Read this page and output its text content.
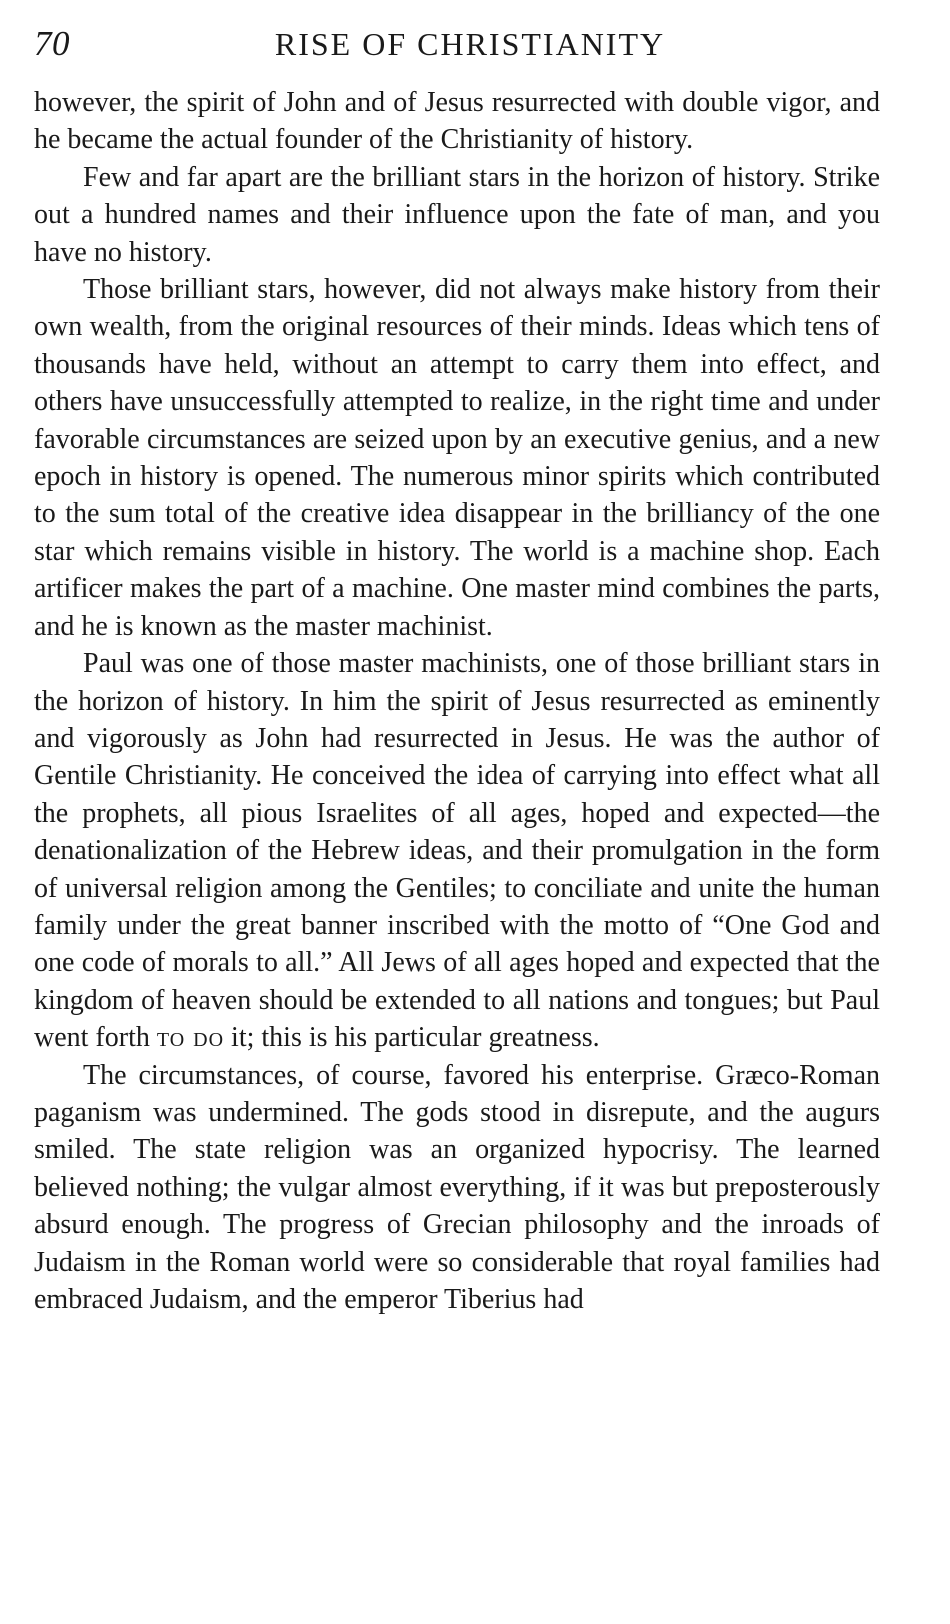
70	RISE OF CHRISTIANITY

however, the spirit of John and of Jesus resurrected with double vigor, and he became the actual founder of the Christianity of history.

Few and far apart are the brilliant stars in the horizon of history. Strike out a hundred names and their influence upon the fate of man, and you have no history.

Those brilliant stars, however, did not always make history from their own wealth, from the original resources of their minds. Ideas which tens of thousands have held, without an attempt to carry them into effect, and others have unsuccessfully attempted to realize, in the right time and under favorable circumstances are seized upon by an executive genius, and a new epoch in history is opened. The numerous minor spirits which contributed to the sum total of the creative idea disappear in the brilliancy of the one star which remains visible in history. The world is a machine shop. Each artificer makes the part of a machine. One master mind combines the parts, and he is known as the master machinist.

Paul was one of those master machinists, one of those brilliant stars in the horizon of history. In him the spirit of Jesus resurrected as eminently and vigorously as John had resurrected in Jesus. He was the author of Gentile Christianity. He conceived the idea of carrying into effect what all the prophets, all pious Israelites of all ages, hoped and expected—the denationalization of the Hebrew ideas, and their promulgation in the form of universal religion among the Gentiles; to conciliate and unite the human family under the great banner inscribed with the motto of “One God and one code of morals to all.” All Jews of all ages hoped and expected that the kingdom of heaven should be extended to all nations and tongues; but Paul went forth to do it; this is his particular greatness.

The circumstances, of course, favored his enterprise. Græco-Roman paganism was undermined. The gods stood in disrepute, and the augurs smiled. The state religion was an organized hypocrisy. The learned believed nothing; the vulgar almost everything, if it was but preposterously absurd enough. The progress of Grecian philosophy and the inroads of Judaism in the Roman world were so considerable that royal families had embraced Judaism, and the emperor Tiberius had
